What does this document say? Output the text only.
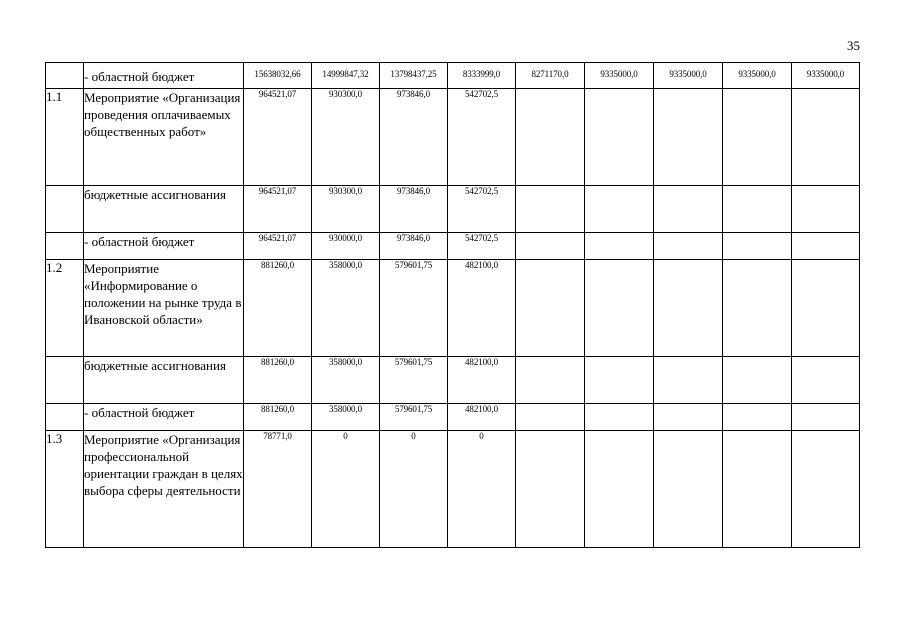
35
	- областной бюджет	15638032,66	14999847,32	13798437,25	8333999,0	8271170,0	9335000,0	9335000,0	9335000,0	9335000,0
1.1	Мероприятие «Организация проведения оплачиваемых общественных работ»	964521,07	930300,0	973846,0	542702,5					
	бюджетные ассигнования	964521,07	930300,0	973846,0	542702,5					
	- областной бюджет	964521,07	930000,0	973846,0	542702,5					
1.2	Мероприятие «Информирование о положении на рынке труда в Ивановской области»	881260,0	358000,0	579601,75	482100,0					
	бюджетные ассигнования	881260,0	358000,0	579601,75	482100,0					
	- областной бюджет	881260,0	358000,0	579601,75	482100,0					
1.3	Мероприятие «Организация профессиональной ориентации граждан в целях выбора сферы деятельности	78771,0	0	0	0					
